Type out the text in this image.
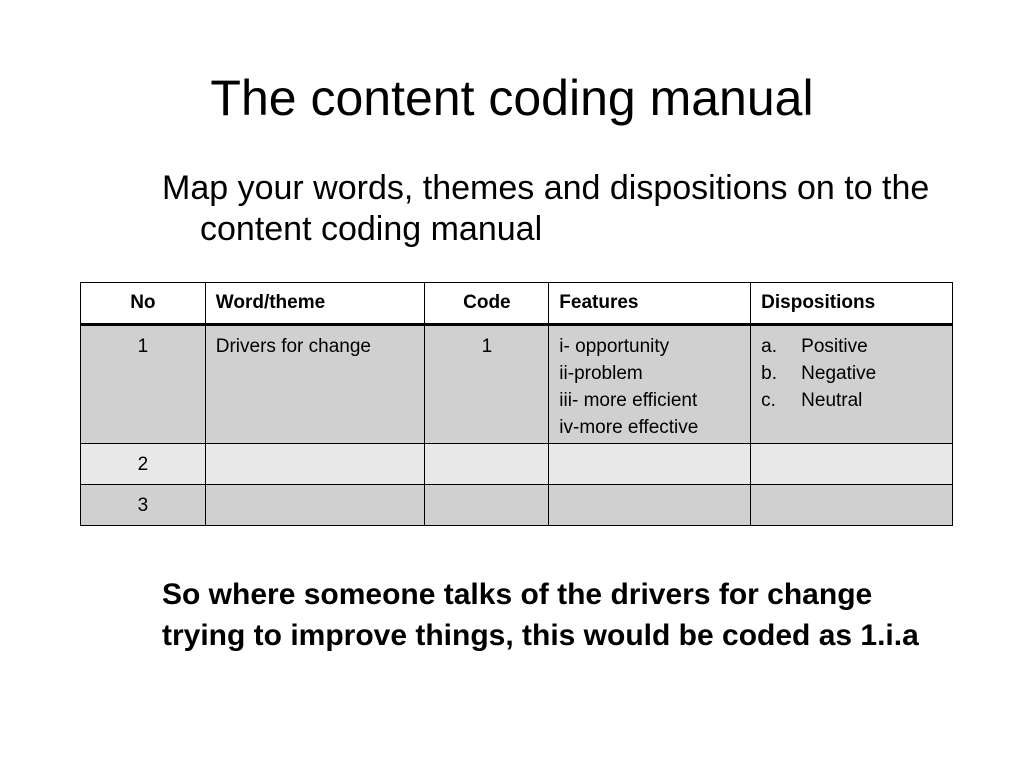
The content coding manual
Map your words, themes and dispositions on to the content coding manual
No	Word/theme	Code	Features	Dispositions
1	Drivers for change	1	i- opportunity
ii-problem
iii- more efficient
iv-more effective	a. Positive
b. Negative
c. Neutral

2				
3				
So where someone talks of the drivers for change trying to improve things, this would be coded as 1.i.a
